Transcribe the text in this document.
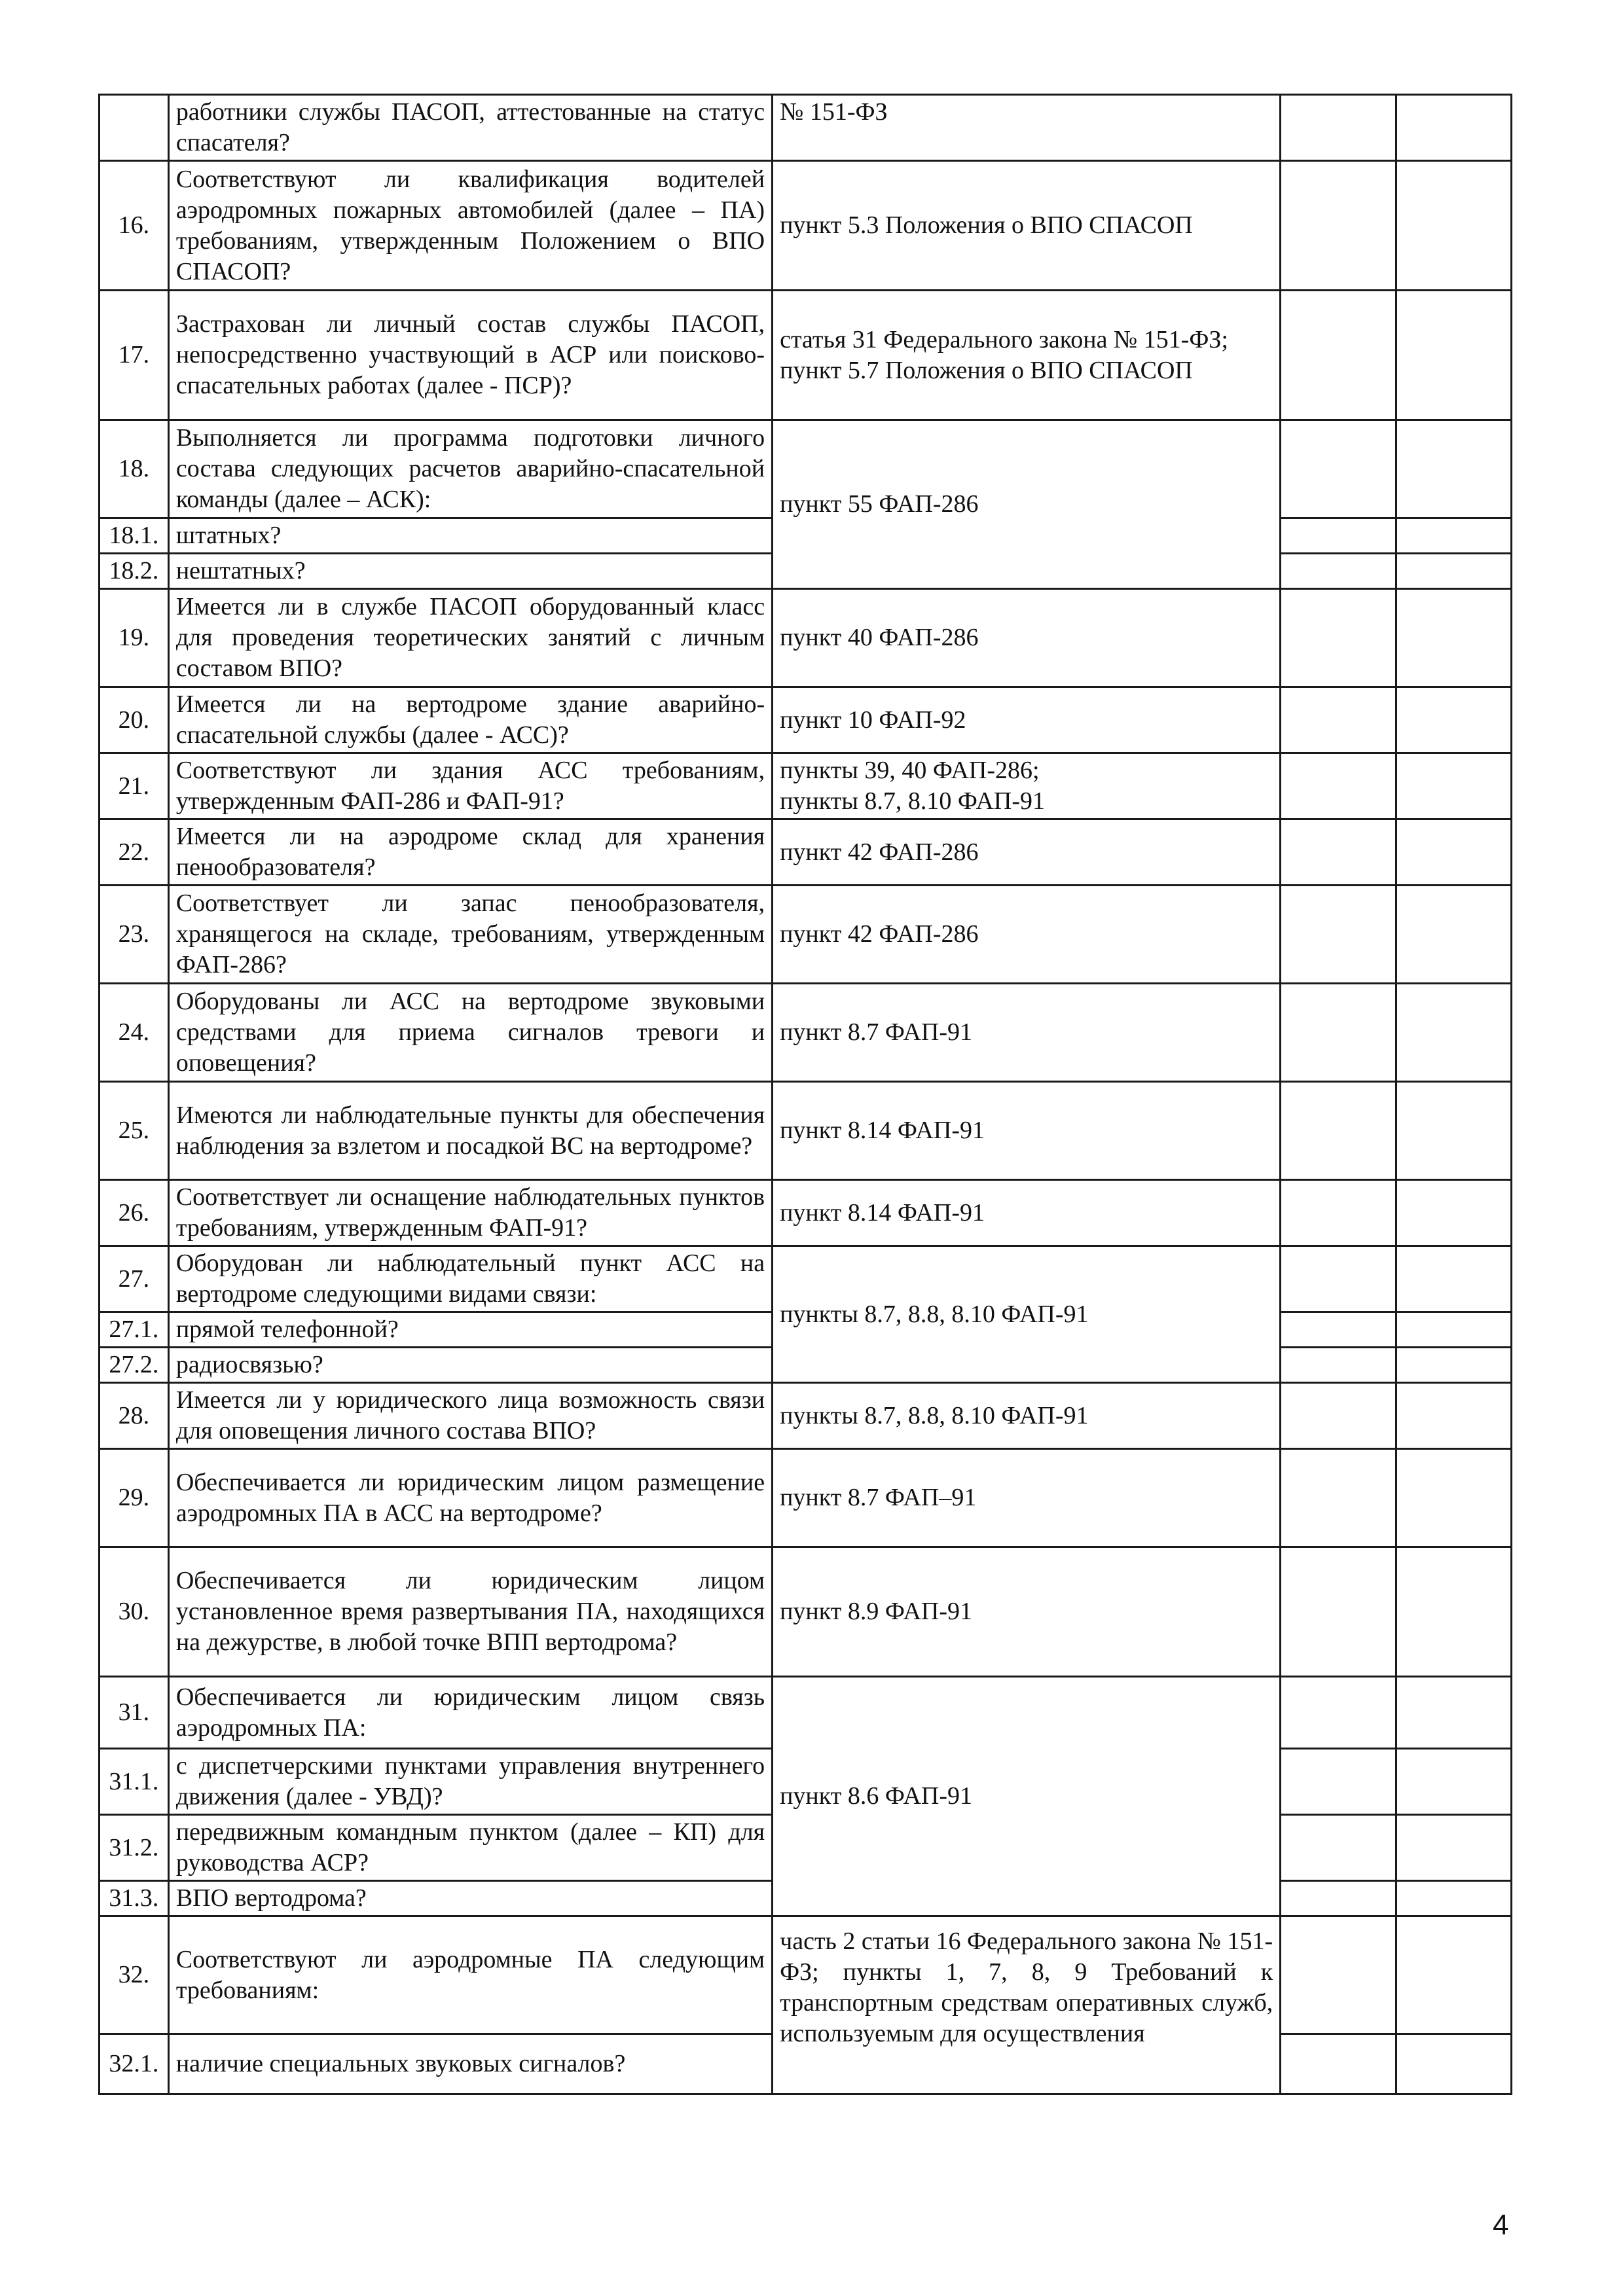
	работники службы ПАСОП, аттестованные на статус спасателя?	№ 151-ФЗ		
16.	Соответствуют ли квалификация водителей аэродромных пожарных автомобилей (далее – ПА) требованиям, утвержденным Положением о ВПО СПАСОП?	пункт 5.3 Положения о ВПО СПАСОП		
17.	Застрахован ли личный состав службы ПАСОП, непосредственно участвующий в АСР или поисково-спасательных работах (далее - ПСР)?	статья 31 Федерального закона № 151-ФЗ;
пункт 5.7 Положения о ВПО СПАСОП		

18.	Выполняется ли программа подготовки личного состава следующих расчетов аварийно-спасательной команды (далее – АСК):	пункт 55 ФАП-286		
18.1.	штатных?			
18.2.	нештатных?			
19.	Имеется ли в службе ПАСОП оборудованный класс для проведения теоретических занятий с личным составом ВПО?	пункт 40 ФАП-286		
20.	Имеется ли на вертодроме здание аварийно-спасательной службы (далее - АСС)?	пункт 10 ФАП-92		
21.	Соответствуют ли здания АСС требованиям, утвержденным ФАП-286 и ФАП-91?	пункты 39, 40 ФАП-286;
пункты 8.7, 8.10 ФАП-91		

22.	Имеется ли на аэродроме склад для хранения пенообразователя?	пункт 42 ФАП-286		
23.	Соответствует ли запас пенообразователя, хранящегося на складе, требованиям, утвержденным ФАП-286?	пункт 42 ФАП-286		
24.	Оборудованы ли АСС на вертодроме звуковыми средствами для приема сигналов тревоги и оповещения?	пункт 8.7 ФАП-91		
25.	Имеются ли наблюдательные пункты для обеспечения наблюдения за взлетом и посадкой ВС на вертодроме?	пункт 8.14 ФАП-91		
26.	Соответствует ли оснащение наблюдательных пунктов требованиям, утвержденным ФАП-91?	пункт 8.14 ФАП-91		
27.	Оборудован ли наблюдательный пункт АСС на вертодроме следующими видами связи:	пункты 8.7, 8.8, 8.10 ФАП-91		
27.1.	прямой телефонной?			
27.2.	радиосвязью?			
28.	Имеется ли у юридического лица возможность связи для оповещения личного состава ВПО?	пункты 8.7, 8.8, 8.10 ФАП-91		
29.	Обеспечивается ли юридическим лицом размещение аэродромных ПА в АСС на вертодроме?	пункт 8.7 ФАП–91		
30.	Обеспечивается ли юридическим лицом установленное время развертывания ПА, находящихся на дежурстве, в любой точке ВПП вертодрома?	пункт 8.9 ФАП-91		
31.	Обеспечивается ли юридическим лицом связь аэродромных ПА:	пункт 8.6 ФАП-91		
31.1.	с диспетчерскими пунктами управления внутреннего движения (далее - УВД)?			
31.2.	передвижным командным пунктом (далее – КП) для руководства АСР?			
31.3.	ВПО вертодрома?			
32.	Соответствуют ли аэродромные ПА следующим требованиям:	часть 2 статьи 16 Федерального закона № 151-ФЗ; пункты 1, 7, 8, 9 Требований к транспортным средствам оперативных служб, используемым для осуществления		
32.1.	наличие специальных звуковых сигналов?			
4
